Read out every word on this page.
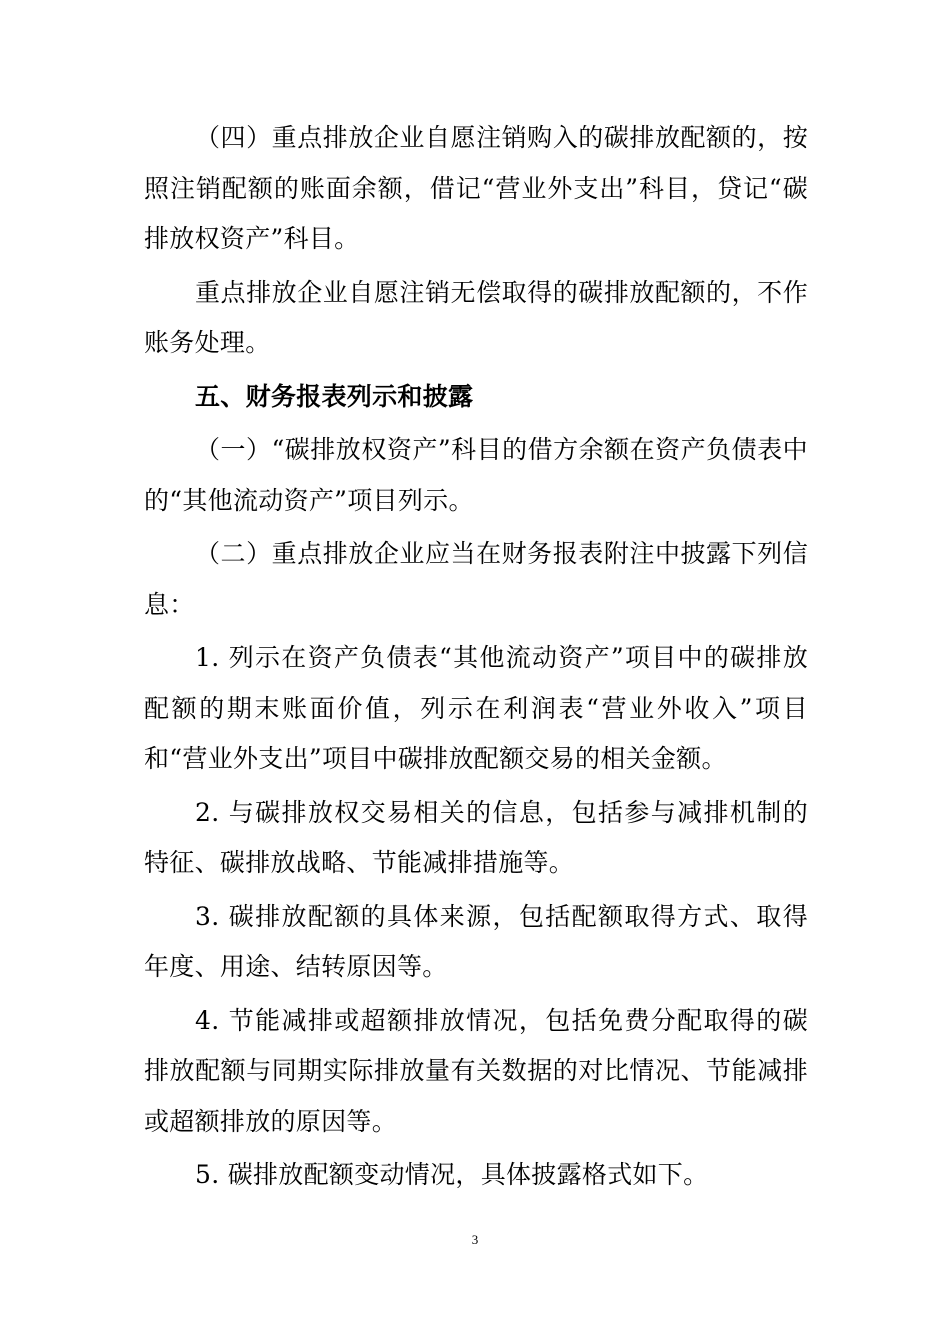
（四）重点排放企业自愿注销购入的碳排放配额的，按照注销配额的账面余额，借记“营业外支出”科目，贷记“碳排放权资产”科目。

重点排放企业自愿注销无偿取得的碳排放配额的，不作账务处理。

五、财务报表列示和披露

（一）“碳排放权资产”科目的借方余额在资产负债表中的“其他流动资产”项目列示。

（二）重点排放企业应当在财务报表附注中披露下列信息：

1. 列示在资产负债表“其他流动资产”项目中的碳排放配额的期末账面价值，列示在利润表“营业外收入”项目和“营业外支出”项目中碳排放配额交易的相关金额。

2. 与碳排放权交易相关的信息，包括参与减排机制的特征、碳排放战略、节能减排措施等。

3. 碳排放配额的具体来源，包括配额取得方式、取得年度、用途、结转原因等。

4. 节能减排或超额排放情况，包括免费分配取得的碳排放配额与同期实际排放量有关数据的对比情况、节能减排或超额排放的原因等。

5. 碳排放配额变动情况，具体披露格式如下。

3
